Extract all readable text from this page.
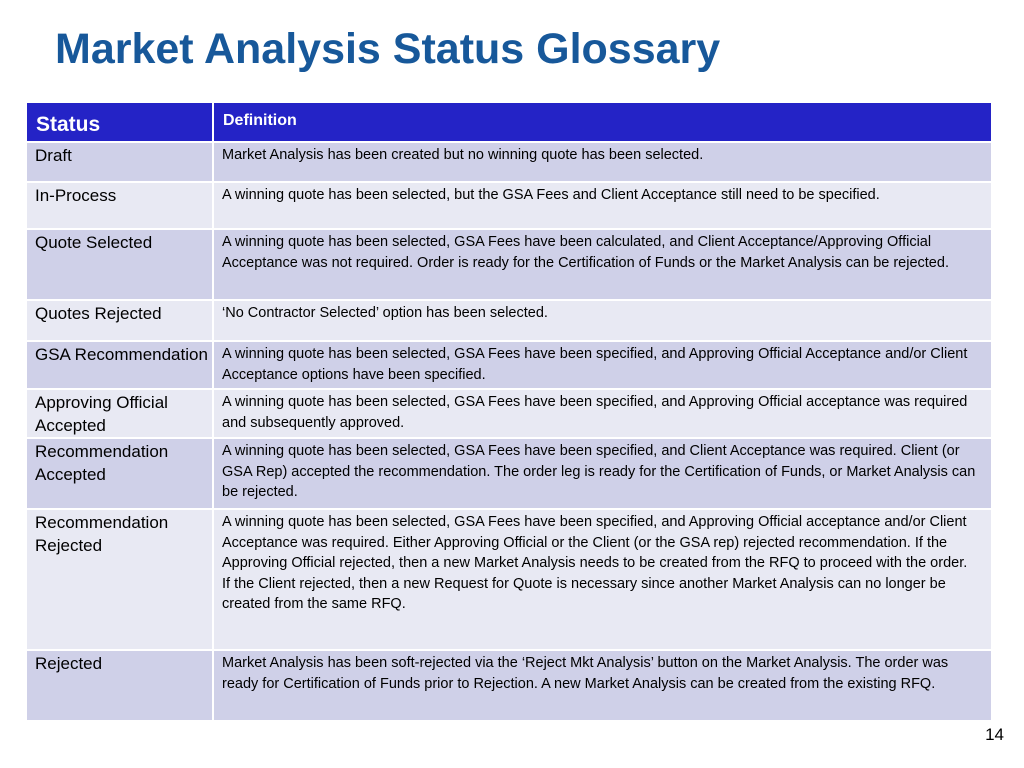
Market Analysis Status Glossary
Status	Definition
Draft	Market Analysis has been created but no winning quote has been selected.
In-Process	A winning quote has been selected, but the GSA Fees and Client Acceptance still need to be specified.
Quote Selected	A winning quote has been selected, GSA Fees have been calculated, and Client Acceptance/Approving Official Acceptance was not required. Order is ready for the Certification of Funds or the Market Analysis can be rejected.
Quotes Rejected	‘No Contractor Selected’ option has been selected.
GSA Recommendation	A winning quote has been selected, GSA Fees have been specified, and Approving Official Acceptance and/or Client Acceptance options have been specified.
Approving Official Accepted	A winning quote has been selected, GSA Fees have been specified, and Approving Official acceptance was required and subsequently approved.
Recommendation Accepted	A winning quote has been selected, GSA Fees have been specified, and Client Acceptance was required. Client (or GSA Rep) accepted the recommendation. The order leg is ready for the Certification of Funds, or Market Analysis can be rejected.
Recommendation Rejected	A winning quote has been selected, GSA Fees have been specified, and Approving Official acceptance and/or Client Acceptance was required. Either Approving Official or the Client (or the GSA rep) rejected recommendation. If the Approving Official rejected, then a new Market Analysis needs to be created from the RFQ to proceed with the order. If the Client rejected, then a new Request for Quote is necessary since another Market Analysis can no longer be created from the same RFQ.
Rejected	Market Analysis has been soft-rejected via the ‘Reject Mkt Analysis’ button on the Market Analysis. The order was ready for Certification of Funds prior to Rejection. A new Market Analysis can be created from the existing RFQ.
14
